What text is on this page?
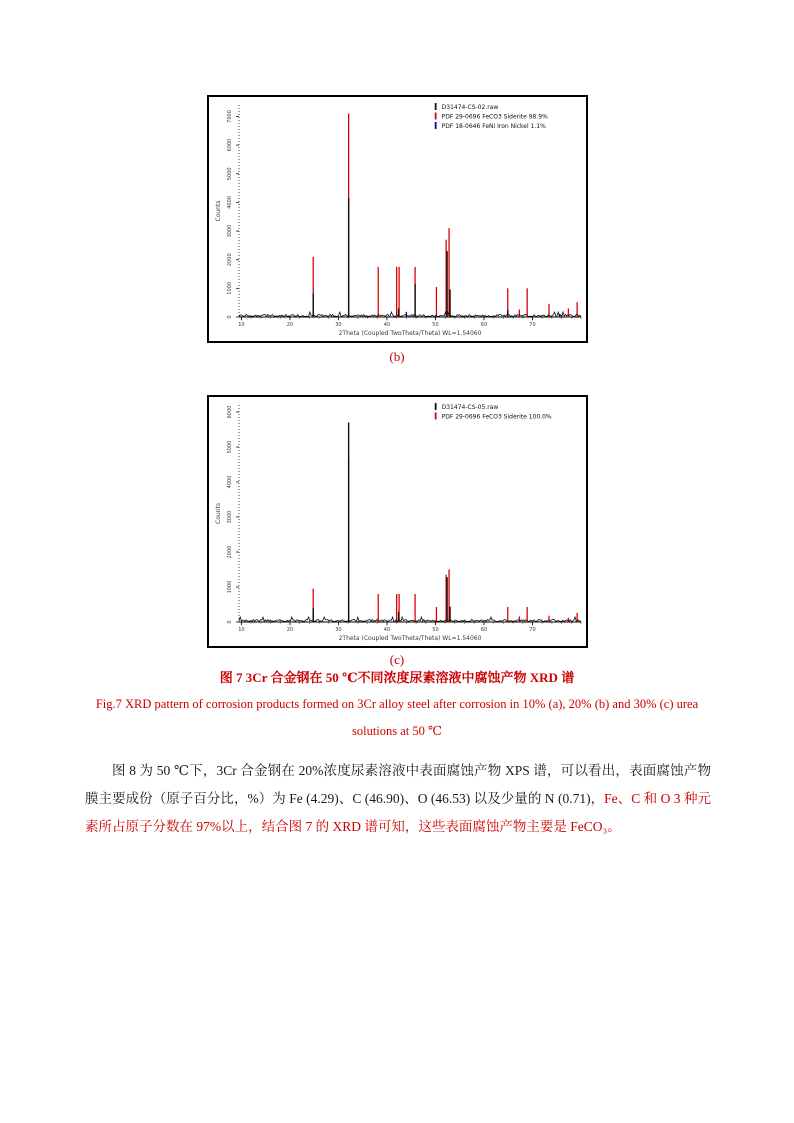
0
1000
2000
3000
4000
5000
6000
7000
Counts
10	20	30	40	50	60	70
2Theta (Coupled TwoTheta/Theta) WL=1.54060
D31474-CS-02.raw
PDF 29-0696 FeCO3 Siderite 98.9%
PDF 18-0646 FeNi Iron Nickel 1.1%
(b)
0
1000
2000
3000
4000
5000
6000
Counts
10	20	30	40	50	60	70
2Theta (Coupled TwoTheta/Theta) WL=1.54060
D31474-CS-05.raw
PDF 29-0696 FeCO3 Siderite 100.0%
(c)
图 7 3Cr 合金钢在 50 ℃不同浓度尿素溶液中腐蚀产物 XRD 谱
Fig.7 XRD pattern of corrosion products formed on 3Cr alloy steel after corrosion in 10% (a), 20% (b) and 30% (c) urea
solutions at 50 ℃

图 8 为 50 ℃下，3Cr 合金钢在 20%浓度尿素溶液中表面腐蚀产物 XPS 谱，可以看出，表面腐蚀产物膜主要成份（原子百分比，%）为 Fe (4.29)、C (46.90)、O (46.53) 以及少量的 N (0.71)，Fe、C 和 O 3 种元素所占原子分数在 97%以上，结合图 7 的 XRD 谱可知，这些表面腐蚀产物主要是 FeCO₃。
